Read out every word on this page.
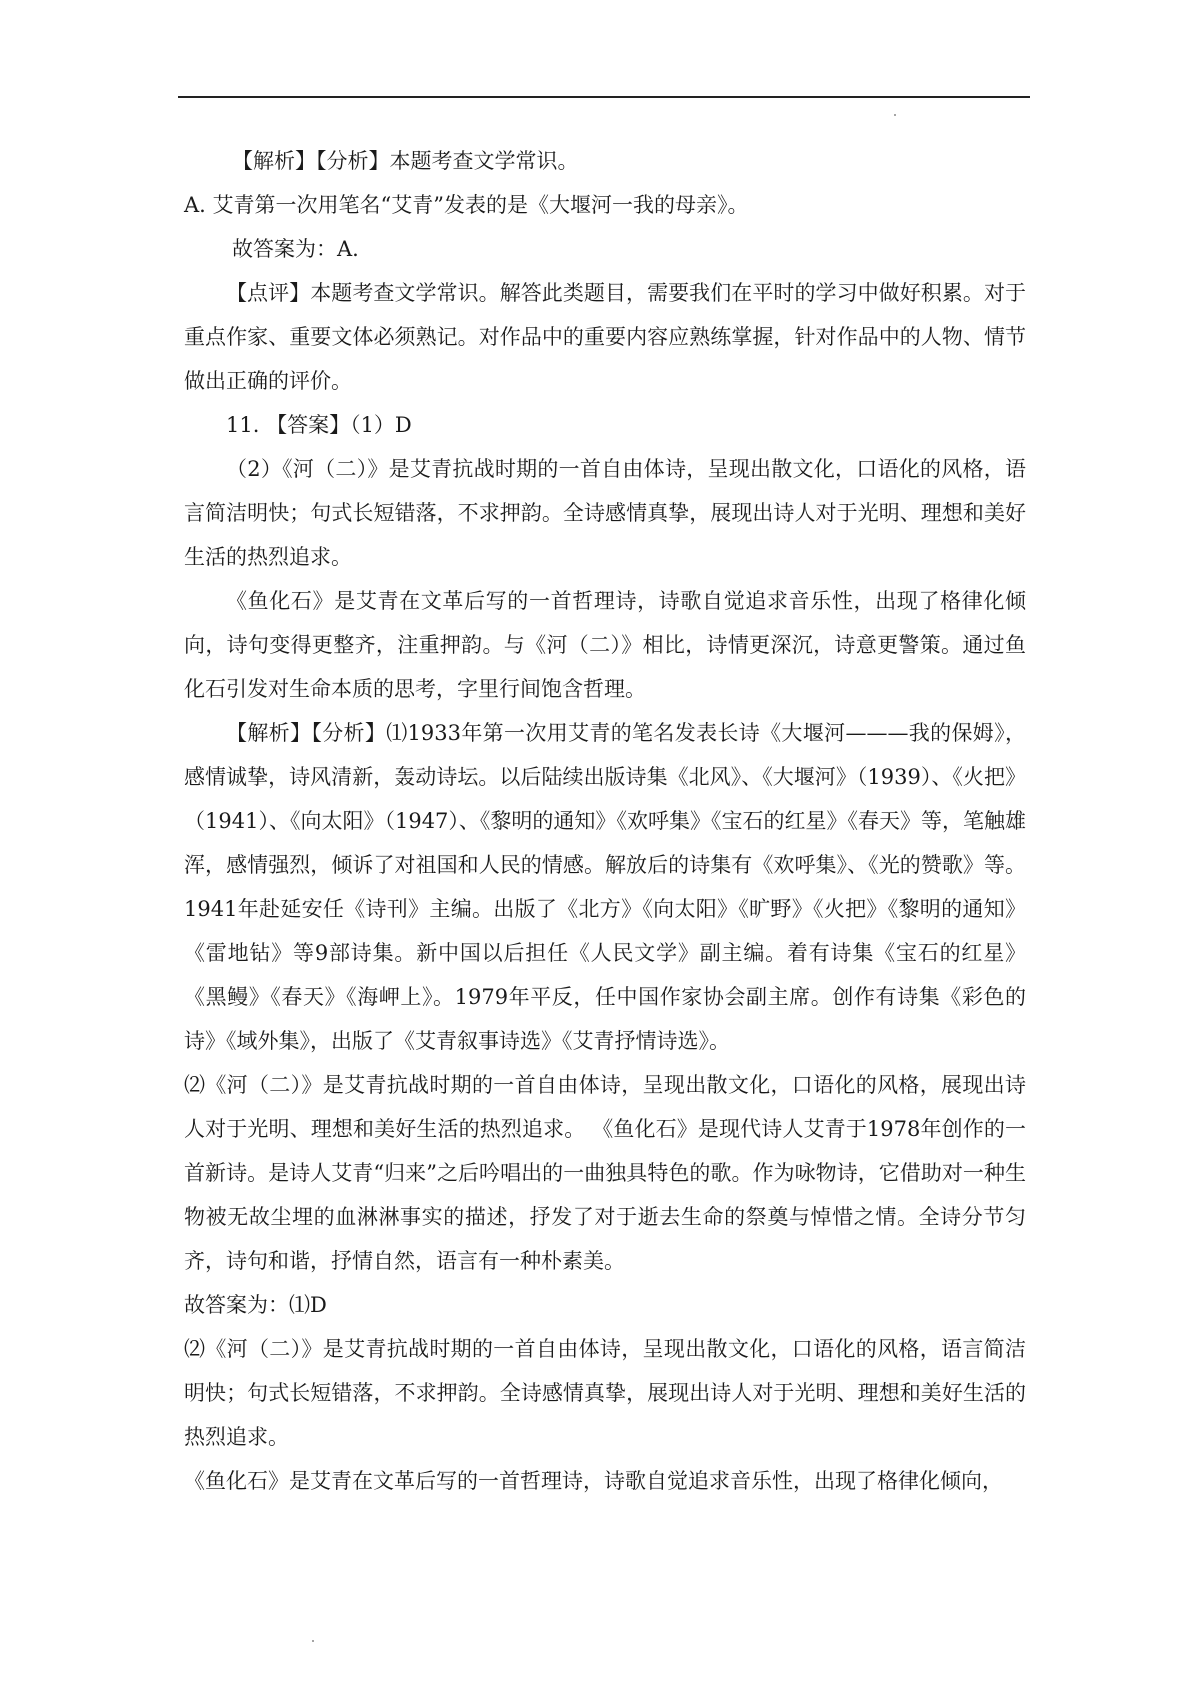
【解析】【分析】本题考查文学常识。

A. 艾青第一次用笔名“艾青”发表的是《大堰河一我的母亲》。

故答案为：A.

【点评】本题考查文学常识。解答此类题目，需要我们在平时的学习中做好积累。对于重点作家、重要文体必须熟记。对作品中的重要内容应熟练掌握，针对作品中的人物、情节做出正确的评价。

11. 【答案】（1）D

（2）《河（二）》是艾青抗战时期的一首自由体诗，呈现出散文化，口语化的风格，语言简洁明快；句式长短错落，不求押韵。全诗感情真挚，展现出诗人对于光明、理想和美好生活的热烈追求。

《鱼化石》是艾青在文革后写的一首哲理诗，诗歌自觉追求音乐性，出现了格律化倾向，诗句变得更整齐，注重押韵。与《河（二）》相比，诗情更深沉，诗意更警策。通过鱼化石引发对生命本质的思考，字里行间饱含哲理。

【解析】【分析】⑴1933年第一次用艾青的笔名发表长诗《大堰河———我的保姆》，感情诚挚，诗风清新，轰动诗坛。以后陆续出版诗集《北风》、《大堰河》（1939）、《火把》（1941）、《向太阳》（1947）、《黎明的通知》《欢呼集》《宝石的红星》《春天》等，笔触雄浑，感情强烈，倾诉了对祖国和人民的情感。解放后的诗集有《欢呼集》、《光的赞歌》等。1941年赴延安任《诗刊》主编。出版了《北方》《向太阳》《旷野》《火把》《黎明的通知》《雷地钻》等9部诗集。新中国以后担任《人民文学》副主编。着有诗集《宝石的红星》《黑鳗》《春天》《海岬上》。1979年平反，任中国作家协会副主席。创作有诗集《彩色的诗》《域外集》，出版了《艾青叙事诗选》《艾青抒情诗选》。

⑵《河（二）》是艾青抗战时期的一首自由体诗，呈现出散文化，口语化的风格，展现出诗人对于光明、理想和美好生活的热烈追求。 《鱼化石》是现代诗人艾青于1978年创作的一首新诗。是诗人艾青“归来”之后吟唱出的一曲独具特色的歌。作为咏物诗，它借助对一种生物被无故尘埋的血淋淋事实的描述，抒发了对于逝去生命的祭奠与悼惜之情。全诗分节匀齐，诗句和谐，抒情自然，语言有一种朴素美。

故答案为：⑴D

⑵《河（二）》是艾青抗战时期的一首自由体诗，呈现出散文化，口语化的风格，语言简洁明快；句式长短错落，不求押韵。全诗感情真挚，展现出诗人对于光明、理想和美好生活的热烈追求。

《鱼化石》是艾青在文革后写的一首哲理诗，诗歌自觉追求音乐性，出现了格律化倾向，
